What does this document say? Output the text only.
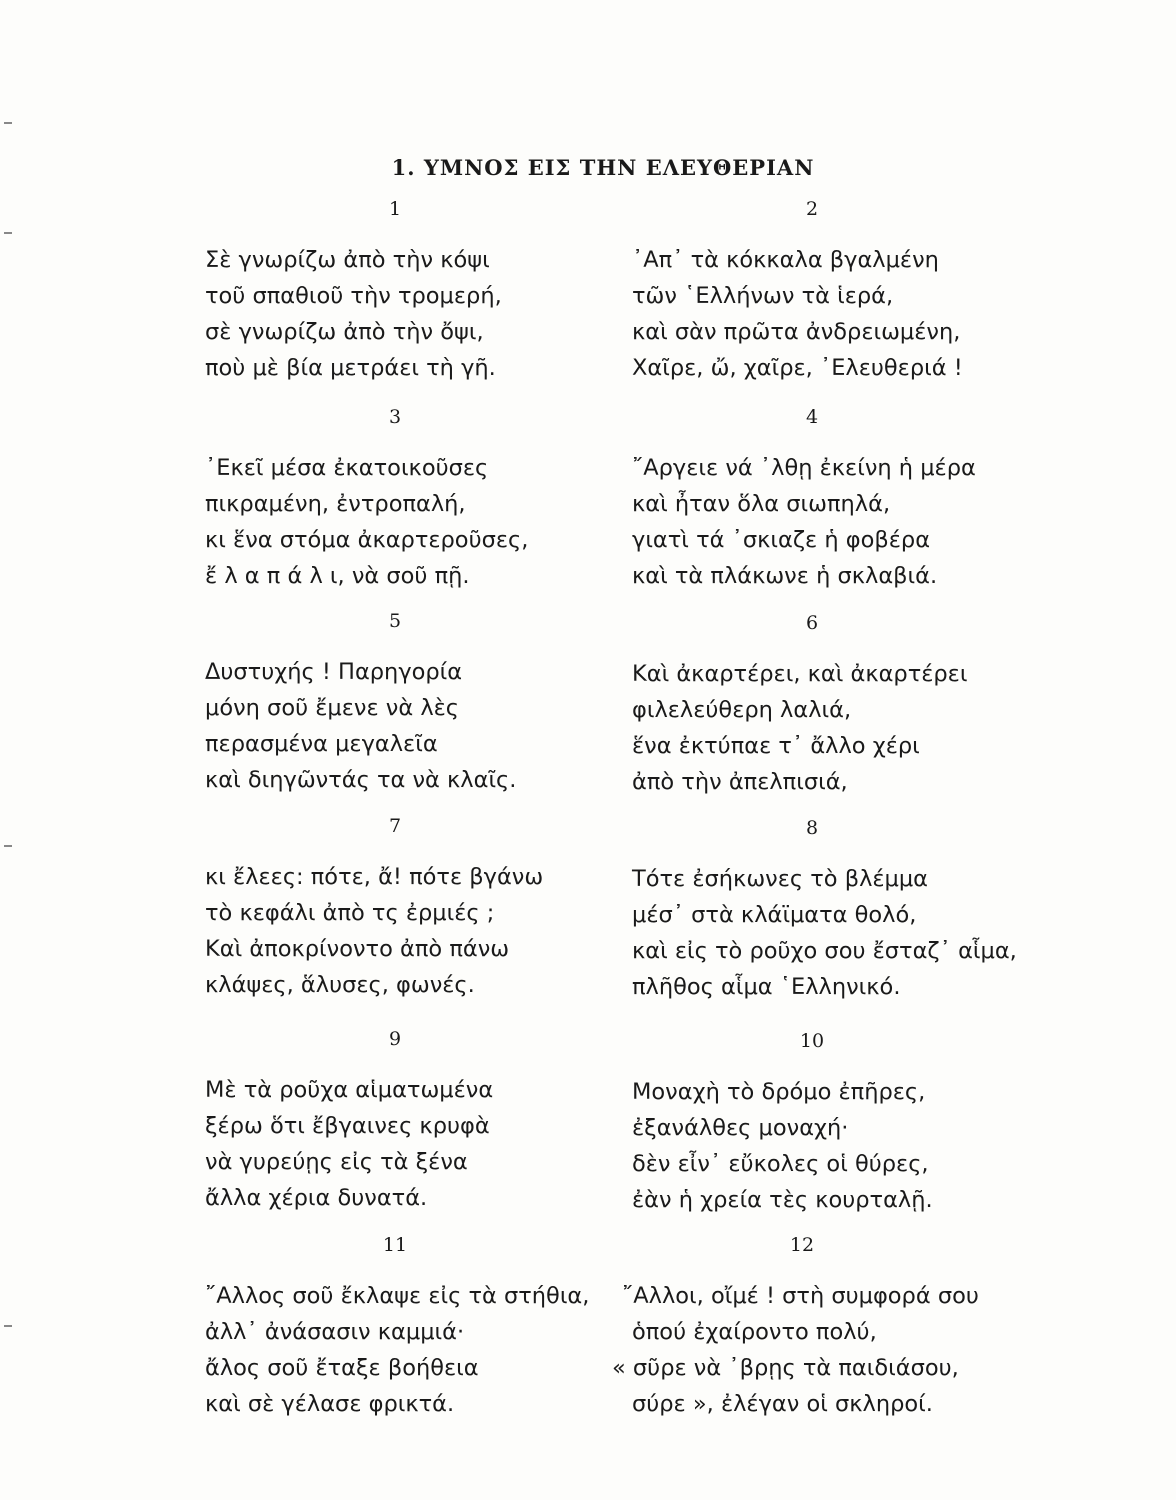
1. ΥΜΝΟΣ ΕΙΣ ΤΗΝ ΕΛΕΥΘΕΡΙΑΝ
1
Σὲ γνωρίζω ἀπὸ τὴν κόψι
τοῦ σπαθιοῦ τὴν τρομερή,
σὲ γνωρίζω ἀπὸ τὴν ὄψι,
ποὺ μὲ βία μετράει τὴ γῆ.
2
᾿Απ᾿ τὰ κόκκαλα βγαλμένη
τῶν ῾Ελλήνων τὰ ἱερά,
καὶ σὰν πρῶτα ἀνδρειωμένη,
Χαῖρε, ὤ, χαῖρε, ᾿Ελευθεριά !
3
᾿Εκεῖ μέσα ἐκατοικοῦσες
πικραμένη, ἐντροπαλή,
κι ἕνα στόμα ἀκαρτεροῦσες,
ἔ λ α π ά λ ι, νὰ σοῦ πῇ.
4
῎Αργειε νά ᾿λθῃ ἐκείνη ἡ μέρα
καὶ ἦταν ὅλα σιωπηλά,
γιατὶ τά ᾿σκιαζε ἡ φοβέρα
καὶ τὰ πλάκωνε ἡ σκλαβιά.
5
Δυστυχής ! Παρηγορία
μόνη σοῦ ἔμενε νὰ λὲς
περασμένα μεγαλεῖα
καὶ διηγῶντάς τα νὰ κλαῖς.
6
Καὶ ἀκαρτέρει, καὶ ἀκαρτέρει
φιλελεύθερη λαλιά,
ἕνα ἐκτύπαε τ᾿ ἄλλο χέρι
ἀπὸ τὴν ἀπελπισιά,
7
κι ἔλεες: πότε, ἄ! πότε βγάνω
τὸ κεφάλι ἀπὸ τς ἐρμιές ;
Καὶ ἀποκρίνοντο ἀπὸ πάνω
κλάψες, ἅλυσες, φωνές.
8
Τότε ἐσήκωνες τὸ βλέμμα
μέσ᾿ στὰ κλάϊματα θολό,
καὶ εἰς τὸ ροῦχο σου ἔσταζ᾿ αἷμα,
πλῆθος αἷμα ῾Ελληνικό.
9
Μὲ τὰ ροῦχα αἱματωμένα
ξέρω ὅτι ἔβγαινες κρυφὰ
νὰ γυρεύῃς εἰς τὰ ξένα
ἄλλα χέρια δυνατά.
10
Μοναχὴ τὸ δρόμο ἐπῆρες,
ἐξανάλθες μοναχή·
δὲν εἶν᾿ εὔκολες οἱ θύρες,
ἐὰν ἡ χρεία τὲς κουρταλῇ.
11
῎Αλλος σοῦ ἔκλαψε εἰς τὰ στήθια,
ἀλλ᾿ ἀνάσασιν καμμιά·
ἄλος σοῦ ἔταξε βοήθεια
καὶ σὲ γέλασε φρικτά.
12
῎Αλλοι, οἴμέ ! στὴ συμφορά σου
ὁπού ἐχαίροντο πολύ,
« σῦρε νὰ ᾿βρῃς τὰ παιδιάσου,
σύρε », ἐλέγαν οἱ σκληροί.
